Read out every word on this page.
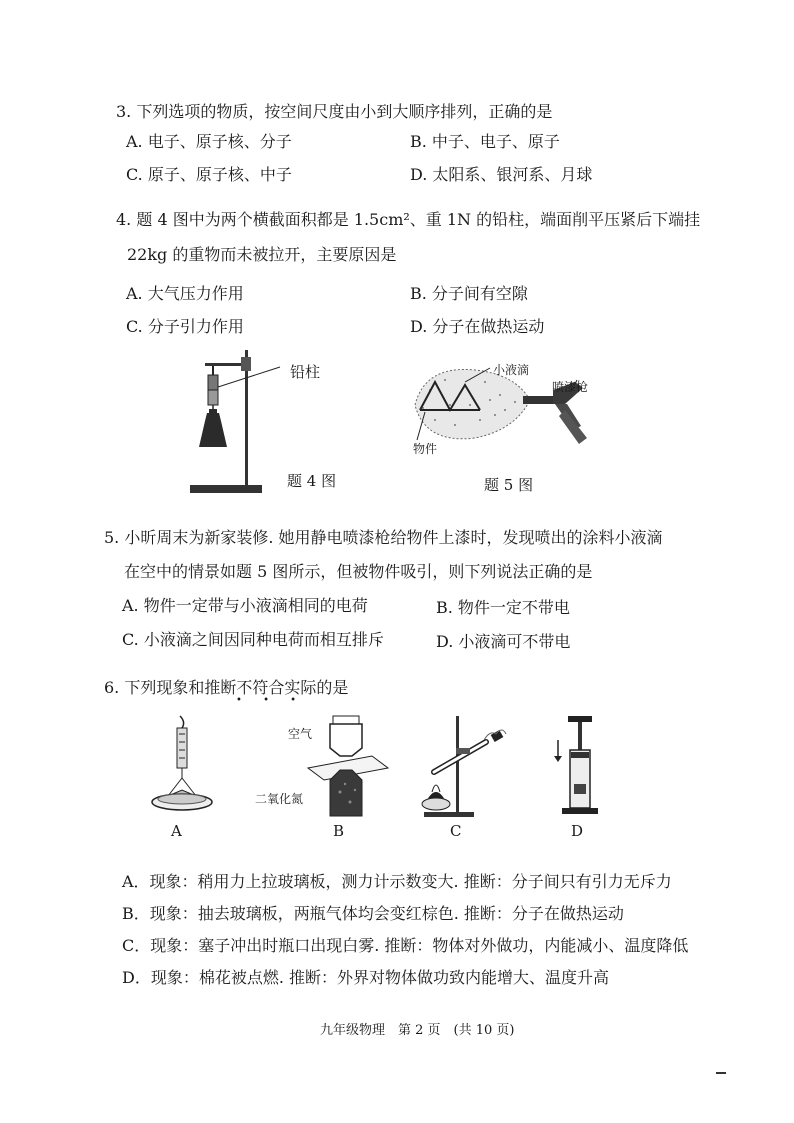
3. 下列选项的物质，按空间尺度由小到大顺序排列，正确的是
A. 电子、原子核、分子	B. 中子、电子、原子
C. 原子、原子核、中子	D. 太阳系、银河系、月球
4. 题 4 图中为两个横截面积都是 1.5cm²、重 1N 的铅柱，端面削平压紧后下端挂
22kg 的重物而未被拉开，主要原因是
A. 大气压力作用	B. 分子间有空隙
C. 分子引力作用	D. 分子在做热运动
铅柱
题 4 图
小液滴
喷漆枪
物件
题 5 图
5. 小昕周末为新家装修. 她用静电喷漆枪给物件上漆时，发现喷出的涂料小液滴
在空中的情景如题 5 图所示，但被物件吸引，则下列说法正确的是
A. 物件一定带与小液滴相同的电荷	B. 物件一定不带电
C. 小液滴之间因同种电荷而相互排斥	D. 小液滴可不带电
6. 下列现象和推断不符合实际的是
• • •
A
空气
二氧化氮
B	C	D
A．现象：稍用力上拉玻璃板，测力计示数变大. 推断：分子间只有引力无斥力
B．现象：抽去玻璃板，两瓶气体均会变红棕色. 推断：分子在做热运动
C．现象：塞子冲出时瓶口出现白雾. 推断：物体对外做功，内能减小、温度降低
D．现象：棉花被点燃. 推断：外界对物体做功致内能增大、温度升高
九年级物理　第 2 页　(共 10 页)
